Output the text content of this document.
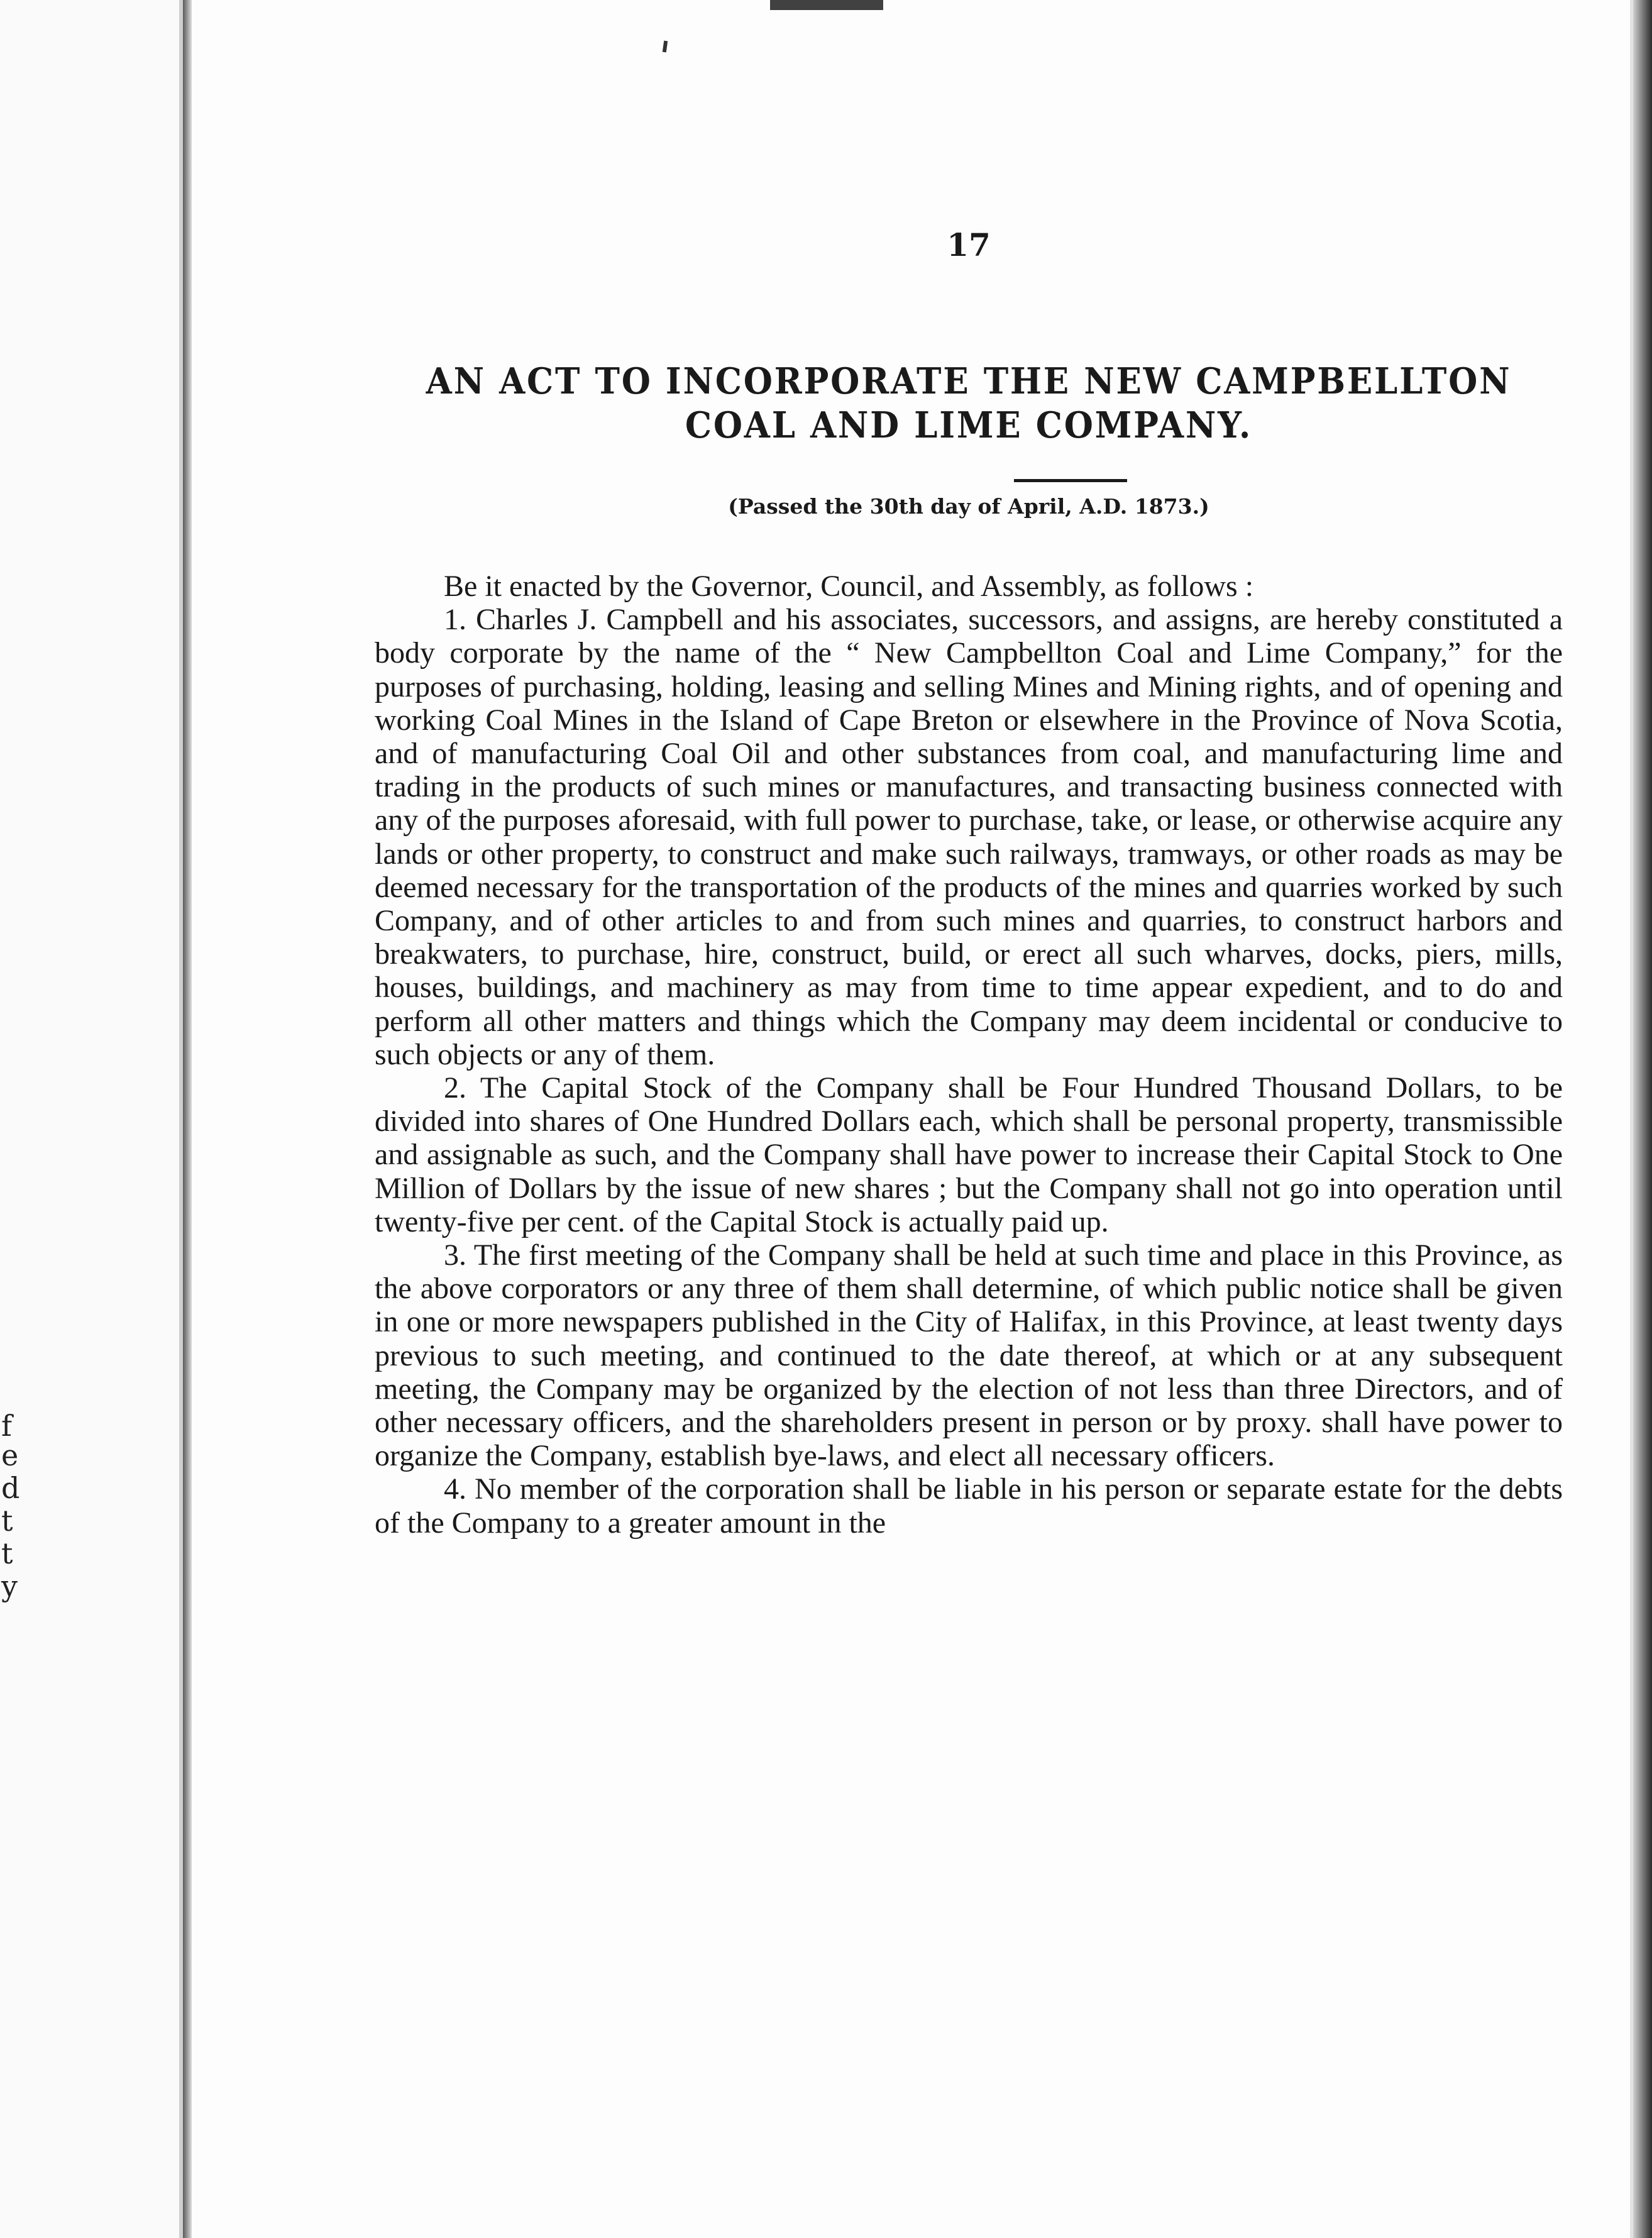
f
e
d
t
t
y
17
AN ACT TO INCORPORATE THE NEW CAMPBELLTON
COAL AND LIME COMPANY.
(Passed the 30th day of April, A.D. 1873.)

Be it enacted by the Governor, Council, and Assembly, as follows :

1. Charles J. Campbell and his associates, successors, and assigns, are hereby constituted a body corporate by the name of the “ New Campbellton Coal and Lime Company,” for the purposes of purchasing, holding, leasing and selling Mines and Mining rights, and of opening and working Coal Mines in the Island of Cape Breton or elsewhere in the Province of Nova Scotia, and of manufacturing Coal Oil and other substances from coal, and manufacturing lime and trading in the products of such mines or manufactures, and transacting business connected with any of the purposes aforesaid, with full power to purchase, take, or lease, or otherwise acquire any lands or other property, to construct and make such railways, tramways, or other roads as may be deemed necessary for the transportation of the products of the mines and quarries worked by such Company, and of other articles to and from such mines and quarries, to construct harbors and breakwaters, to purchase, hire, construct, build, or erect all such wharves, docks, piers, mills, houses, buildings, and machinery as may from time to time appear expedient, and to do and perform all other matters and things which the Company may deem incidental or conducive to such objects or any of them.

2. The Capital Stock of the Company shall be Four Hundred Thousand Dollars, to be divided into shares of One Hundred Dollars each, which shall be personal property, transmissible and assignable as such, and the Company shall have power to increase their Capital Stock to One Million of Dollars by the issue of new shares ; but the Company shall not go into operation until twenty-five per cent. of the Capital Stock is actually paid up.

3. The first meeting of the Company shall be held at such time and place in this Province, as the above corporators or any three of them shall determine, of which public notice shall be given in one or more newspapers published in the City of Halifax, in this Province, at least twenty days previous to such meeting, and continued to the date thereof, at which or at any subsequent meeting, the Company may be organized by the election of not less than three Directors, and of other necessary officers, and the shareholders present in person or by proxy. shall have power to organize the Company, establish bye-laws, and elect all necessary officers.

4. No member of the corporation shall be liable in his person or separate estate for the debts of the Company to a greater amount in the
